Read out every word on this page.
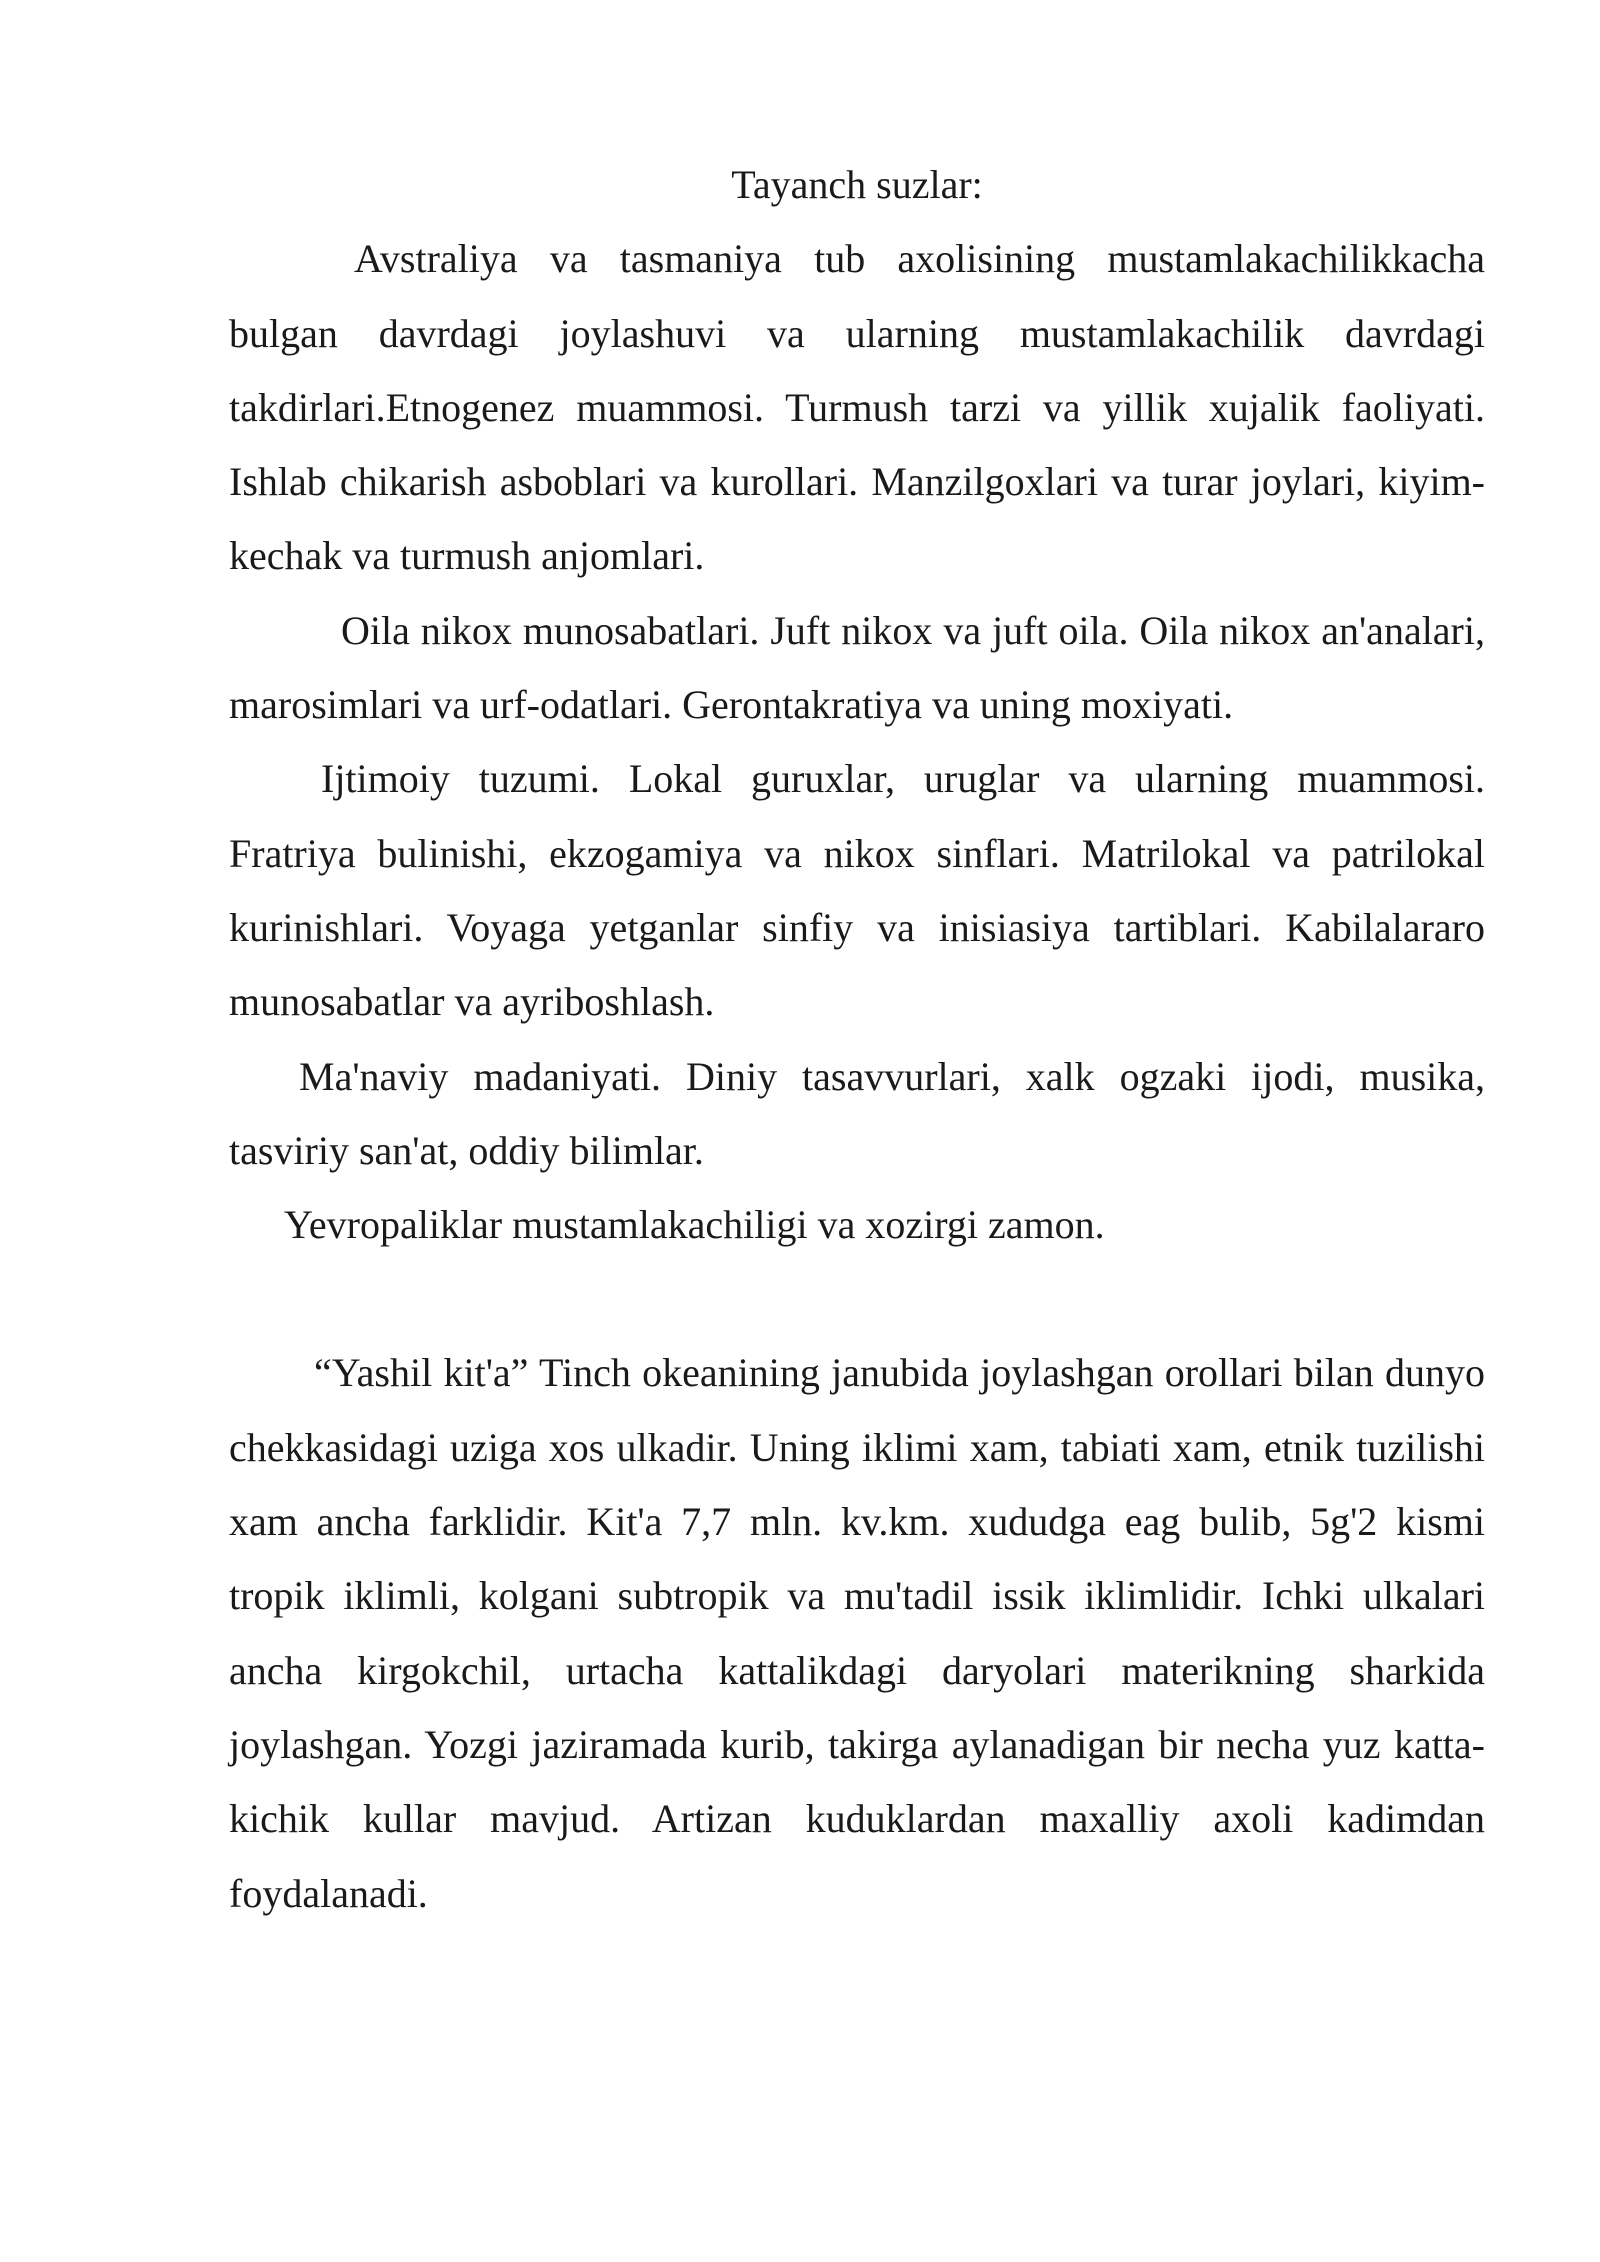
Tayanch suzlar:

Avstraliya va tasmaniya tub axolisining mustamlakachilikkacha bulgan davrdagi joylashuvi va ularning mustamlakachilik davrdagi takdirlari.Etnogenez muammosi. Turmush tarzi va yillik xujalik faoliyati. Ishlab chikarish asboblari va kurollari. Manzilgoxlari va turar joylari, kiyim-kechak va turmush anjomlari.

Oila nikox munosabatlari. Juft nikox va juft oila. Oila nikox an'analari, marosimlari va urf-odatlari. Gerontakratiya va uning moxiyati.

Ijtimoiy tuzumi. Lokal guruxlar, uruglar va ularning muammosi. Fratriya bulinishi, ekzogamiya va nikox sinflari. Matrilokal va patrilokal kurinishlari. Voyaga yetganlar sinfiy va inisiasiya tartiblari. Kabilalararo munosabatlar va ayriboshlash.

Ma'naviy madaniyati. Diniy tasavvurlari, xalk ogzaki ijodi, musika, tasviriy san'at, oddiy bilimlar.

Yevropaliklar mustamlakachiligi va xozirgi zamon.

“Yashil kit'a” Tinch okeanining janubida joylashgan orollari bilan dunyo chekkasidagi uziga xos ulkadir. Uning iklimi xam, tabiati xam, etnik tuzilishi xam ancha farklidir. Kit'a 7,7 mln. kv.km. xududga eag bulib, 5g'2 kismi tropik iklimli, kolgani subtropik va mu'tadil issik iklimlidir. Ichki ulkalari ancha kirgokchil, urtacha kattalikdagi daryolari materikning sharkida joylashgan. Yozgi jaziramada kurib, takirga aylanadigan bir necha yuz katta-kichik kullar mavjud. Artizan kuduklardan maxalliy axoli kadimdan foydalanadi.
